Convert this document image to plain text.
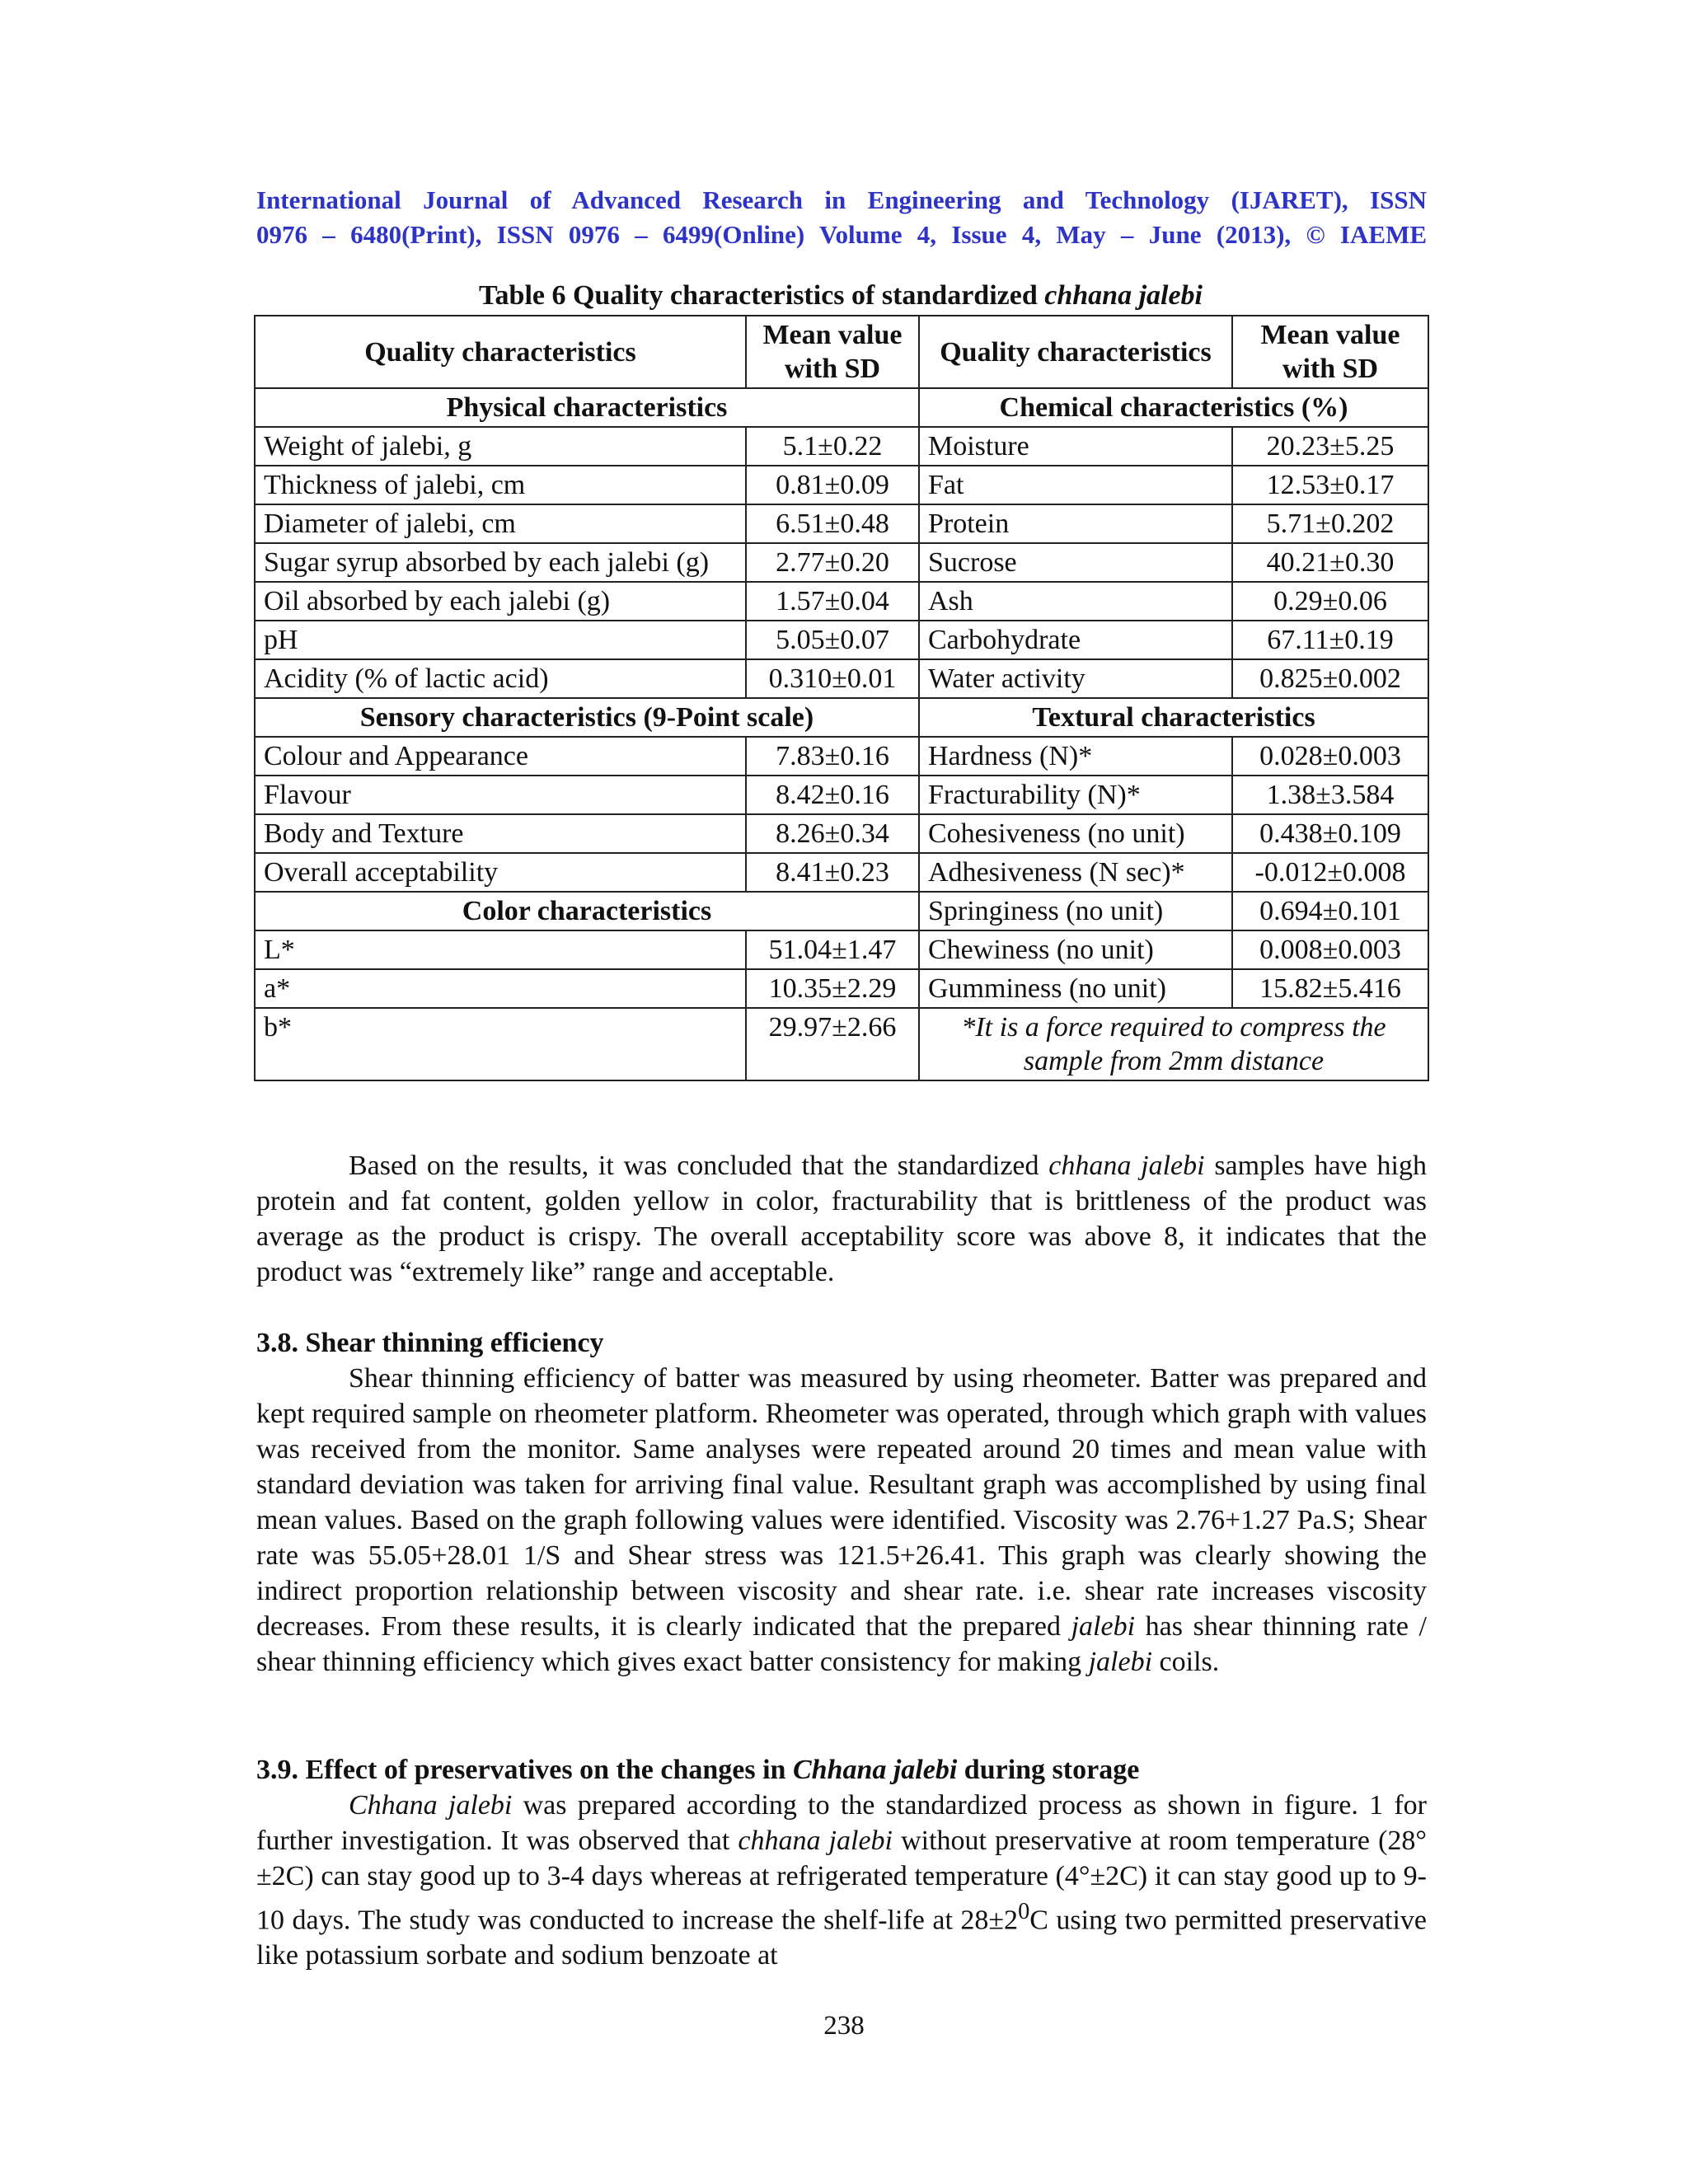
International Journal of Advanced Research in Engineering and Technology (IJARET), ISSN
0976 – 6480(Print), ISSN 0976 – 6499(Online) Volume 4, Issue 4, May – June (2013), © IAEME
Table 6 Quality characteristics of standardized chhana jalebi
Quality characteristics	Mean value with SD	Quality characteristics	Mean value with SD
Physical characteristics		Chemical characteristics (%)	
Weight of jalebi, g	5.1±0.22	Moisture	20.23±5.25
Thickness of jalebi, cm	0.81±0.09	Fat	12.53±0.17
Diameter of jalebi, cm	6.51±0.48	Protein	5.71±0.202
Sugar syrup absorbed by each jalebi (g)	2.77±0.20	Sucrose	40.21±0.30
Oil absorbed by each jalebi (g)	1.57±0.04	Ash	0.29±0.06
pH	5.05±0.07	Carbohydrate	67.11±0.19
Acidity (% of lactic acid)	0.310±0.01	Water activity	0.825±0.002
Sensory characteristics (9-Point scale)		Textural characteristics	
Colour and Appearance	7.83±0.16	Hardness (N)*	0.028±0.003
Flavour	8.42±0.16	Fracturability (N)*	1.38±3.584
Body and Texture	8.26±0.34	Cohesiveness (no unit)	0.438±0.109
Overall acceptability	8.41±0.23	Adhesiveness (N sec)*	-0.012±0.008
Color characteristics		Springiness (no unit)	0.694±0.101
L*	51.04±1.47	Chewiness (no unit)	0.008±0.003
a*	10.35±2.29	Gumminess (no unit)	15.82±5.416
b*	29.97±2.66	*It is a force required to compress the sample from 2mm distance	

Based on the results, it was concluded that the standardized chhana jalebi samples have high protein and fat content, golden yellow in color, fracturability that is brittleness of the product was average as the product is crispy. The overall acceptability score was above 8, it indicates that the product was “extremely like” range and acceptable.

3.8. Shear thinning efficiency

Shear thinning efficiency of batter was measured by using rheometer. Batter was prepared and kept required sample on rheometer platform. Rheometer was operated, through which graph with values was received from the monitor. Same analyses were repeated around 20 times and mean value with standard deviation was taken for arriving final value. Resultant graph was accomplished by using final mean values. Based on the graph following values were identified. Viscosity was 2.76+1.27 Pa.S; Shear rate was 55.05+28.01 1/S and Shear stress was 121.5+26.41. This graph was clearly showing the indirect proportion relationship between viscosity and shear rate. i.e. shear rate increases viscosity decreases. From these results, it is clearly indicated that the prepared jalebi has shear thinning rate / shear thinning efficiency which gives exact batter consistency for making jalebi coils.

3.9. Effect of preservatives on the changes in Chhana jalebi during storage

Chhana jalebi was prepared according to the standardized process as shown in figure. 1 for further investigation. It was observed that chhana jalebi without preservative at room temperature (28°±2C) can stay good up to 3-4 days whereas at refrigerated temperature (4°±2C) it can stay good up to 9-10 days. The study was conducted to increase the shelf-life at $28\pm 2^0C$ using two permitted preservative like potassium sorbate and sodium benzoate at

238
